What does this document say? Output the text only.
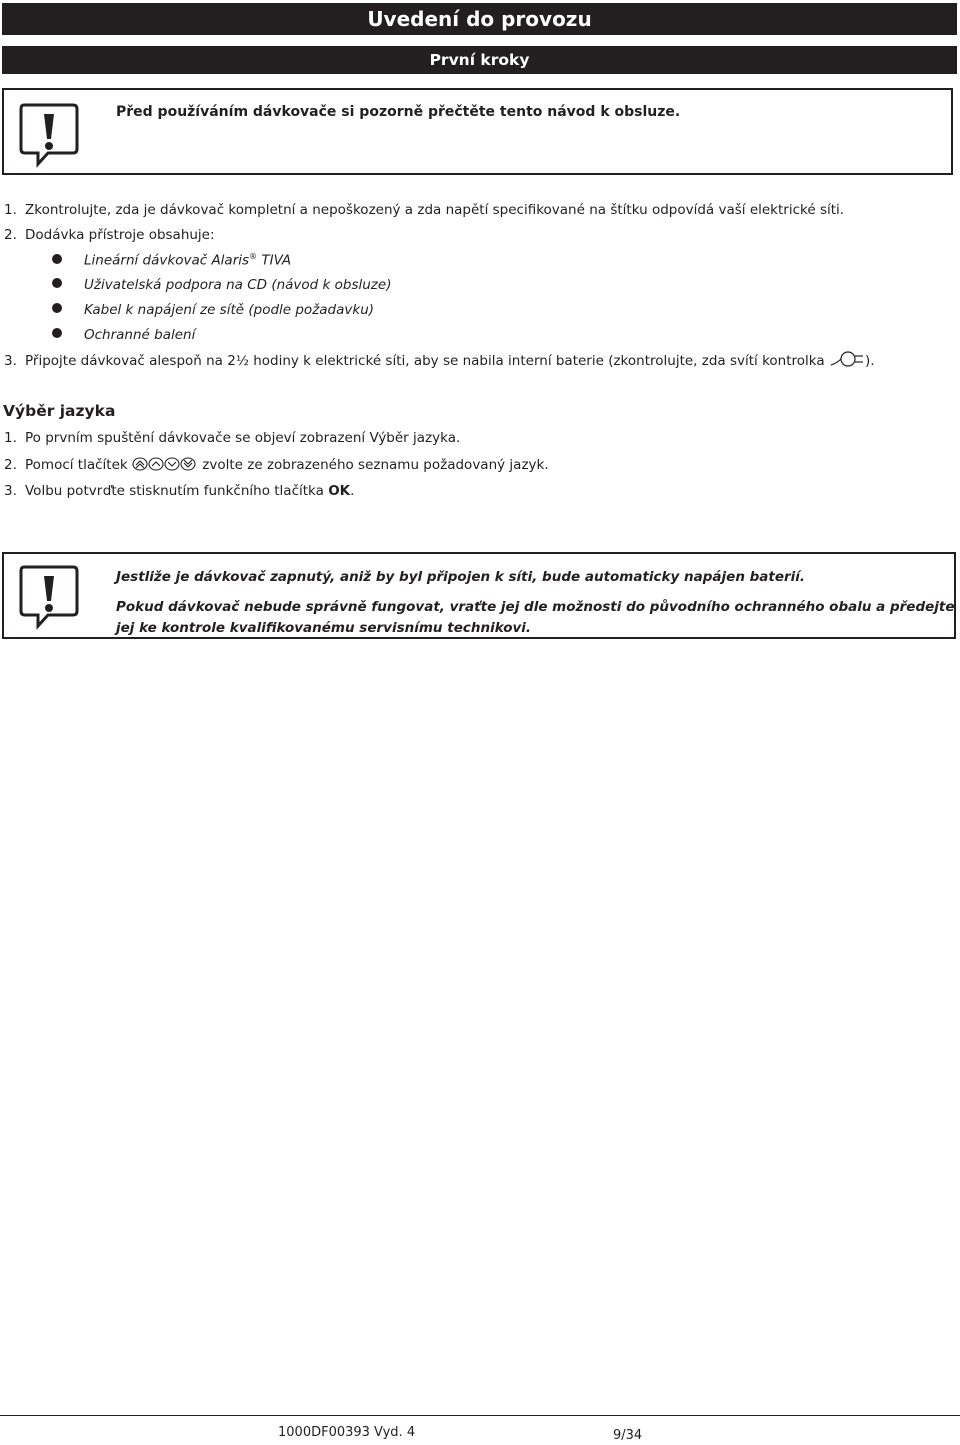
Uvedení do provozu
První kroky
Před používáním dávkovače si pozorně přečtěte tento návod k obsluze.
1. Zkontrolujte, zda je dávkovač kompletní a nepoškozený a zda napětí specifikované na štítku odpovídá vaší elektrické síti.
2. Dodávka přístroje obsahuje:
Lineární dávkovač Alaris® TIVA
Uživatelská podpora na CD (návod k obsluze)
Kabel k napájení ze sítě (podle požadavku)
Ochranné balení
3. Připojte dávkovač alespoň na 2½ hodiny k elektrické síti, aby se nabila interní baterie (zkontrolujte, zda svítí kontrolka	).
Výběr jazyka
1. Po prvním spuštění dávkovače se objeví zobrazení Výběr jazyka.
2. Pomocí tlačítek	zvolte ze zobrazeného seznamu požadovaný jazyk.
3. Volbu potvrďte stisknutím funkčního tlačítka OK.
Jestliže je dávkovač zapnutý, aniž by byl připojen k síti, bude automaticky napájen baterií.
Pokud dávkovač nebude správně fungovat, vraťte jej dle možnosti do původního ochranného obalu a předejte jej ke kontrole kvalifikovanému servisnímu technikovi.
1000DF00393 Vyd. 4	9/34
